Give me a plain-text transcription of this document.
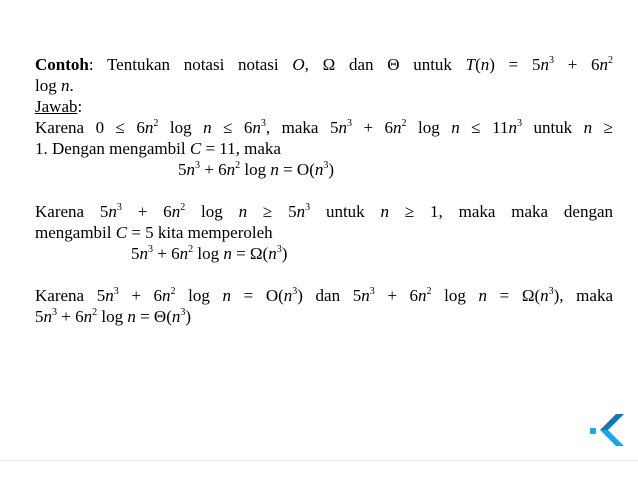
Contoh: Tentukan notasi notasi O, Ω dan Θ untuk $T(n) = 5n^3 + 6n^2$
log n.
Jawab:
Karena $0 \le 6n^2$ $\log n \le 6n^3$, maka $5n^3 + 6n^2$ $\log n \le 11n^3$ untuk n ≥
1. Dengan mengambil C = 11, maka
$5n^3 + 6n^2$ $\log n = O(n^3)$
Karena $5n^3 + 6n^2$ $\log n \ge 5n^3$ untuk n ≥ 1, maka maka dengan
mengambil C = 5 kita memperoleh
$5n^3 + 6n^2$ $\log n = \Omega(n^3)$
Karena $5n^3 + 6n^2$ $\log n = O(n^3)$ dan $5n^3 + 6n^2$ $\log n = \Omega(n^3)$, maka
$5n^3 + 6n^2$ $\log n = \Theta(n^3)$
